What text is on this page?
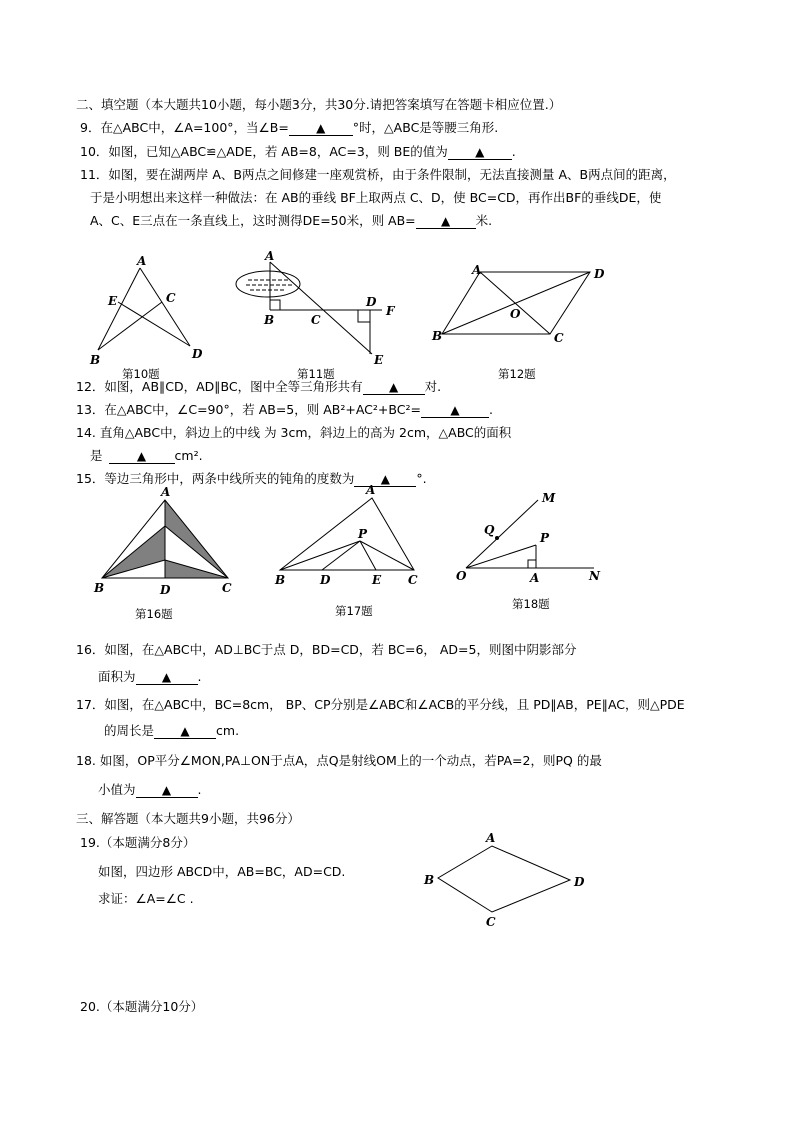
二、填空题（本大题共10小题，每小题3分，共30分.请把答案填写在答题卡相应位置.）
9．在△ABC中，∠A=100°，当∠B= ▲ °时，△ABC是等腰三角形.
10．如图，已知△ABC≌△ADE，若 AB=8，AC=3，则 BE的值为 ▲ .
11．如图，要在湖两岸 A、B两点之间修建一座观赏桥，由于条件限制，无法直接测量 A、B两点间的距离，
于是小明想出来这样一种做法：在 AB的垂线 BF上取两点 C、D，使 BC=CD，再作出BF的垂线DE，使
A、C、E三点在一条直线上，这时测得DE=50米，则 AB= ▲ 米.
A
E	C
B	D
第10题
A
B	C
D
F
E
第11题
A	D
O
B	C
第12题
12．如图，AB∥CD，AD∥BC，图中全等三角形共有 ▲ 对.
13．在△ABC中，∠C=90°，若 AB=5，则 AB²+AC²+BC²= ▲ .
14. 直角△ABC中，斜边上的中线 为 3cm，斜边上的高为 2cm，△ABC的面积
是	▲ cm².
15．等边三角形中，两条中线所夹的钝角的度数为 ▲ °.
A
B	D	C
第16题
A
P
B	D	E C
第17题
M
Q
P
O	A	N
第18题
16．如图，在△ABC中，AD⊥BC于点 D，BD=CD，若 BC=6， AD=5，则图中阴影部分
面积为 ▲ .
17．如图，在△ABC中，BC=8cm， BP、CP分别是∠ABC和∠ACB的平分线，且 PD∥AB，PE∥AC，则△PDE
的周长是 ▲ cm.
18. 如图，OP平分∠MON,PA⊥ON于点A，点Q是射线OM上的一个动点，若PA=2，则PQ 的最
小值为 ▲ .
三、解答题（本大题共9小题，共96分）
19.（本题满分8分）
如图，四边形 ABCD中，AB=BC，AD=CD.
求证：∠A=∠C .
A
B	D
C
20.（本题满分10分）
